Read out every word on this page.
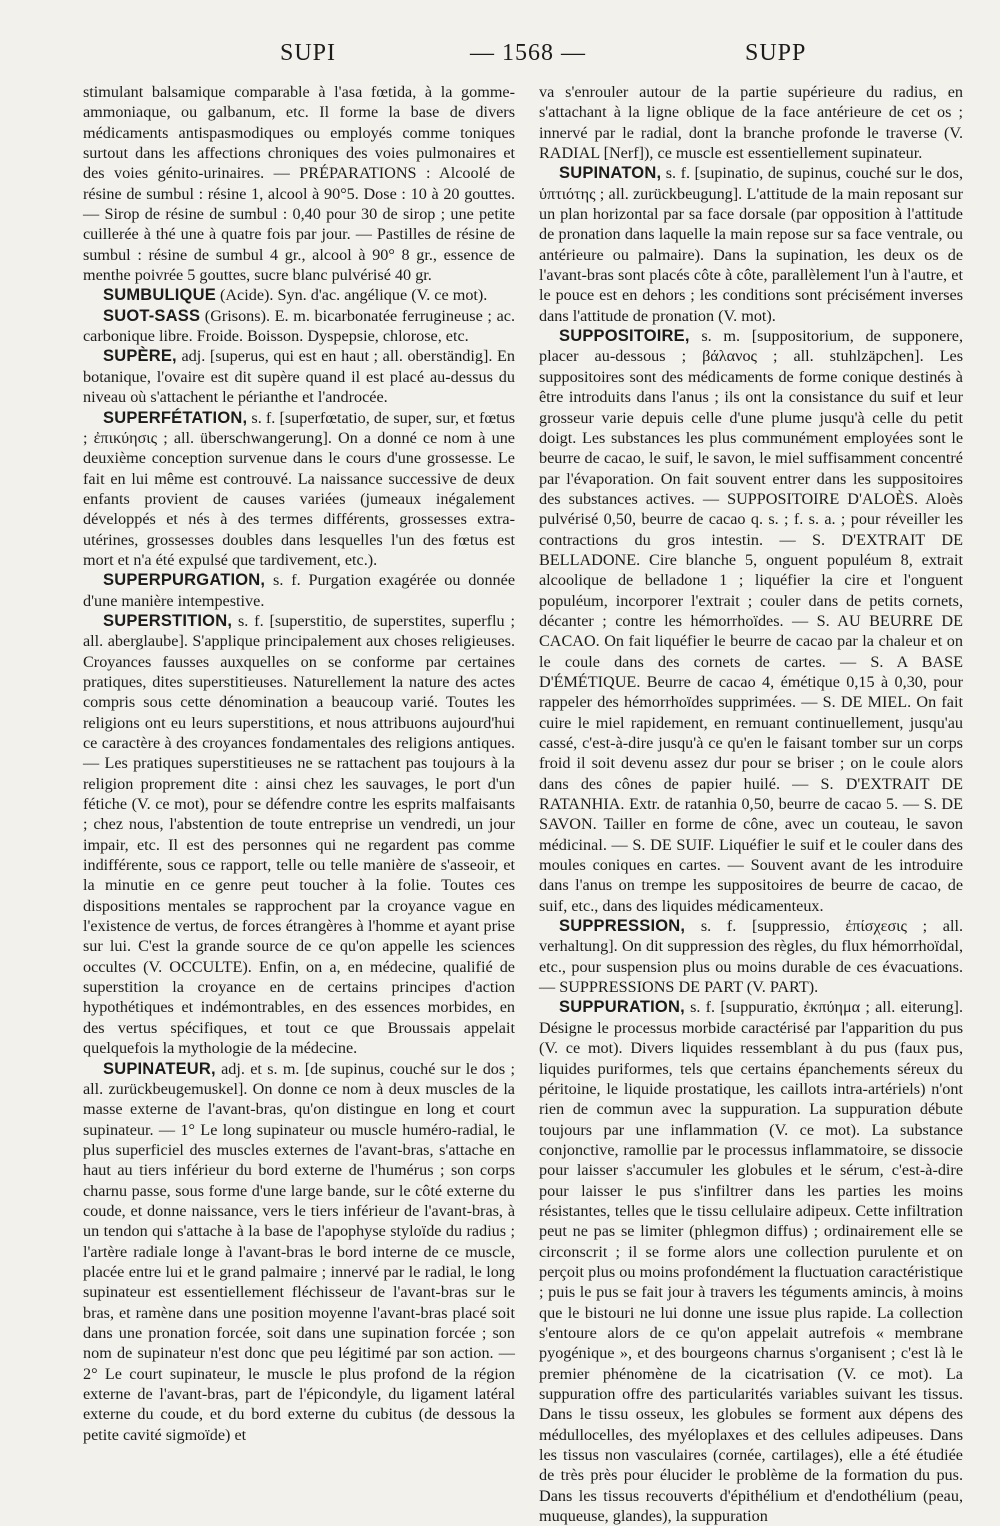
SUPI	— 1568 —	SUPP

stimulant balsamique comparable à l'asa fœtida, à la gomme-ammoniaque, ou galbanum, etc. Il forme la base de divers médicaments antispasmodiques ou employés comme toniques surtout dans les affections chroniques des voies pulmonaires et des voies génito-urinaires. — PRÉPARATIONS : Alcoolé de résine de sumbul : résine 1, alcool à 90°5. Dose : 10 à 20 gouttes. — Sirop de résine de sumbul : 0,40 pour 30 de sirop ; une petite cuillerée à thé une à quatre fois par jour. — Pastilles de résine de sumbul : résine de sumbul 4 gr., alcool à 90° 8 gr., essence de menthe poivrée 5 gouttes, sucre blanc pulvérisé 40 gr.

SUMBULIQUE (Acide). Syn. d'ac. angélique (V. ce mot).

SUOT-SASS (Grisons). E. m. bicarbonatée ferrugineuse ; ac. carbonique libre. Froide. Boisson. Dyspepsie, chlorose, etc.

SUPÈRE, adj. [superus, qui est en haut ; all. oberständig]. En botanique, l'ovaire est dit supère quand il est placé au-dessus du niveau où s'attachent le périanthe et l'androcée.

SUPERFÉTATION, s. f. [superfœtatio, de super, sur, et fœtus ; ἐπικύησις ; all. überschwangerung]. On a donné ce nom à une deuxième conception survenue dans le cours d'une grossesse. Le fait en lui même est controuvé. La naissance successive de deux enfants provient de causes variées (jumeaux inégalement développés et nés à des termes différents, grossesses extra-utérines, grossesses doubles dans lesquelles l'un des fœtus est mort et n'a été expulsé que tardivement, etc.).

SUPERPURGATION, s. f. Purgation exagérée ou donnée d'une manière intempestive.

SUPERSTITION, s. f. [superstitio, de superstites, superflu ; all. aberglaube]. S'applique principalement aux choses religieuses. Croyances fausses auxquelles on se conforme par certaines pratiques, dites superstitieuses. Naturellement la nature des actes compris sous cette dénomination a beaucoup varié. Toutes les religions ont eu leurs superstitions, et nous attribuons aujourd'hui ce caractère à des croyances fondamentales des religions antiques. — Les pratiques superstitieuses ne se rattachent pas toujours à la religion proprement dite : ainsi chez les sauvages, le port d'un fétiche (V. ce mot), pour se défendre contre les esprits malfaisants ; chez nous, l'abstention de toute entreprise un vendredi, un jour impair, etc. Il est des personnes qui ne regardent pas comme indifférente, sous ce rapport, telle ou telle manière de s'asseoir, et la minutie en ce genre peut toucher à la folie. Toutes ces dispositions mentales se rapprochent par la croyance vague en l'existence de vertus, de forces étrangères à l'homme et ayant prise sur lui. C'est la grande source de ce qu'on appelle les sciences occultes (V. OCCULTE). Enfin, on a, en médecine, qualifié de superstition la croyance en de certains principes d'action hypothétiques et indémontrables, en des essences morbides, en des vertus spécifiques, et tout ce que Broussais appelait quelquefois la mythologie de la médecine.

SUPINATEUR, adj. et s. m. [de supinus, couché sur le dos ; all. zurückbeugemuskel]. On donne ce nom à deux muscles de la masse externe de l'avant-bras, qu'on distingue en long et court supinateur. — 1° Le long supinateur ou muscle huméro-radial, le plus superficiel des muscles externes de l'avant-bras, s'attache en haut au tiers inférieur du bord externe de l'humérus ; son corps charnu passe, sous forme d'une large bande, sur le côté externe du coude, et donne naissance, vers le tiers inférieur de l'avant-bras, à un tendon qui s'attache à la base de l'apophyse styloïde du radius ; l'artère radiale longe à l'avant-bras le bord interne de ce muscle, placée entre lui et le grand palmaire ; innervé par le radial, le long supinateur est essentiellement fléchisseur de l'avant-bras sur le bras, et ramène dans une position moyenne l'avant-bras placé soit dans une pronation forcée, soit dans une supination forcée ; son nom de supinateur n'est donc que peu légitimé par son action. — 2° Le court supinateur, le muscle le plus profond de la région externe de l'avant-bras, part de l'épicondyle, du ligament latéral externe du coude, et du bord externe du cubitus (de dessous la petite cavité sigmoïde) et

va s'enrouler autour de la partie supérieure du radius, en s'attachant à la ligne oblique de la face antérieure de cet os ; innervé par le radial, dont la branche profonde le traverse (V. RADIAL [Nerf]), ce muscle est essentiellement supinateur.

SUPINATON, s. f. [supinatio, de supinus, couché sur le dos, ὑπτιότης ; all. zurückbeugung]. L'attitude de la main reposant sur un plan horizontal par sa face dorsale (par opposition à l'attitude de pronation dans laquelle la main repose sur sa face ventrale, ou antérieure ou palmaire). Dans la supination, les deux os de l'avant-bras sont placés côte à côte, parallèlement l'un à l'autre, et le pouce est en dehors ; les conditions sont précisément inverses dans l'attitude de pronation (V. mot).

SUPPOSITOIRE, s. m. [suppositorium, de supponere, placer au-dessous ; βάλανος ; all. stuhlzäpchen]. Les suppositoires sont des médicaments de forme conique destinés à être introduits dans l'anus ; ils ont la consistance du suif et leur grosseur varie depuis celle d'une plume jusqu'à celle du petit doigt. Les substances les plus communément employées sont le beurre de cacao, le suif, le savon, le miel suffisamment concentré par l'évaporation. On fait souvent entrer dans les suppositoires des substances actives. — SUPPOSITOIRE D'ALOÈS. Aloès pulvérisé 0,50, beurre de cacao q. s. ; f. s. a. ; pour réveiller les contractions du gros intestin. — S. D'EXTRAIT DE BELLADONE. Cire blanche 5, onguent populéum 8, extrait alcoolique de belladone 1 ; liquéfier la cire et l'onguent populéum, incorporer l'extrait ; couler dans de petits cornets, décanter ; contre les hémorrhoïdes. — S. AU BEURRE DE CACAO. On fait liquéfier le beurre de cacao par la chaleur et on le coule dans des cornets de cartes. — S. A BASE D'ÉMÉTIQUE. Beurre de cacao 4, émétique 0,15 à 0,30, pour rappeler des hémorrhoïdes supprimées. — S. DE MIEL. On fait cuire le miel rapidement, en remuant continuellement, jusqu'au cassé, c'est-à-dire jusqu'à ce qu'en le faisant tomber sur un corps froid il soit devenu assez dur pour se briser ; on le coule alors dans des cônes de papier huilé. — S. D'EXTRAIT DE RATANHIA. Extr. de ratanhia 0,50, beurre de cacao 5. — S. DE SAVON. Tailler en forme de cône, avec un couteau, le savon médicinal. — S. DE SUIF. Liquéfier le suif et le couler dans des moules coniques en cartes. — Souvent avant de les introduire dans l'anus on trempe les suppositoires de beurre de cacao, de suif, etc., dans des liquides médicamenteux.

SUPPRESSION, s. f. [suppressio, ἐπίσχεσις ; all. verhaltung]. On dit suppression des règles, du flux hémorrhoïdal, etc., pour suspension plus ou moins durable de ces évacuations. — SUPPRESSIONS DE PART (V. PART).

SUPPURATION, s. f. [suppuratio, ἐκπύημα ; all. eiterung]. Désigne le processus morbide caractérisé par l'apparition du pus (V. ce mot). Divers liquides ressemblant à du pus (faux pus, liquides puriformes, tels que certains épanchements séreux du péritoine, le liquide prostatique, les caillots intra-artériels) n'ont rien de commun avec la suppuration. La suppuration débute toujours par une inflammation (V. ce mot). La substance conjonctive, ramollie par le processus inflammatoire, se dissocie pour laisser s'accumuler les globules et le sérum, c'est-à-dire pour laisser le pus s'infiltrer dans les parties les moins résistantes, telles que le tissu cellulaire adipeux. Cette infiltration peut ne pas se limiter (phlegmon diffus) ; ordinairement elle se circonscrit ; il se forme alors une collection purulente et on perçoit plus ou moins profondément la fluctuation caractéristique ; puis le pus se fait jour à travers les téguments amincis, à moins que le bistouri ne lui donne une issue plus rapide. La collection s'entoure alors de ce qu'on appelait autrefois « membrane pyogénique », et des bourgeons charnus s'organisent ; c'est là le premier phénomène de la cicatrisation (V. ce mot). La suppuration offre des particularités variables suivant les tissus. Dans le tissu osseux, les globules se forment aux dépens des médullocelles, des myéloplaxes et des cellules adipeuses. Dans les tissus non vasculaires (cornée, cartilages), elle a été étudiée de très près pour élucider le problème de la formation du pus. Dans les tissus recouverts d'épithélium et d'endothélium (peau, muqueuse, glandes), la suppuration
